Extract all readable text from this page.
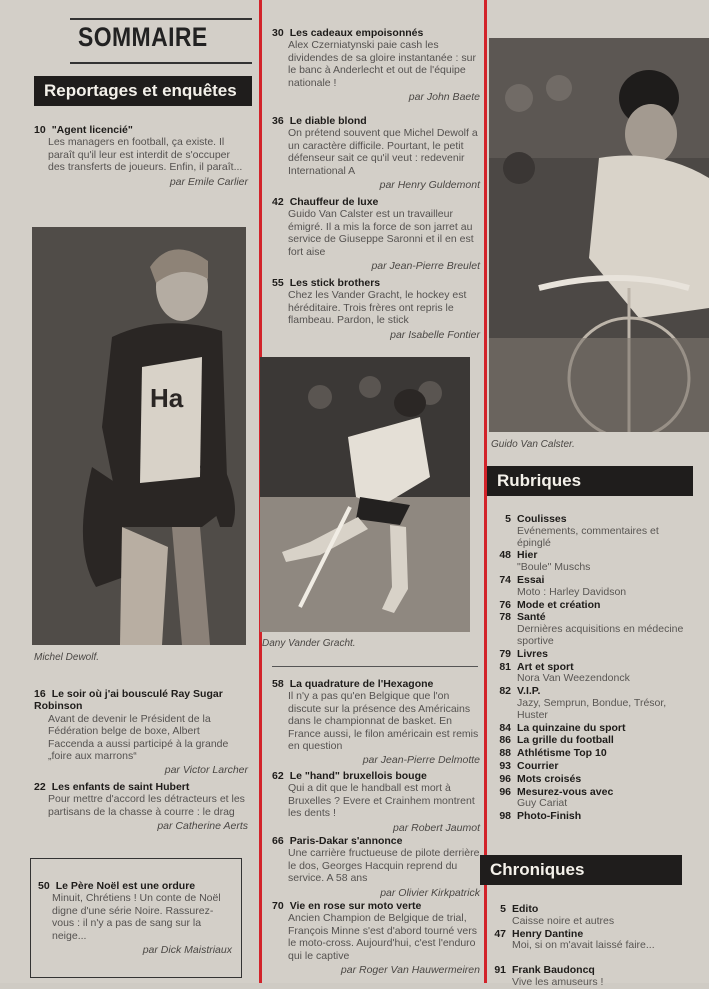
SOMMAIRE
Reportages et enquêtes
10 "Agent licencié"
Les managers en football, ça existe. Il paraît qu'il leur est interdit de s'occuper des transferts de joueurs. Enfin, il paraît...
par Emile Carlier
Ha
Michel Dewolf.
16 Le soir où j'ai bousculé Ray Sugar Robinson
Avant de devenir le Président de la Fédération belge de boxe, Albert Faccenda a aussi participé à la grande „foire aux marrons“
par Victor Larcher
22 Les enfants de saint Hubert
Pour mettre d'accord les détracteurs et les partisans de la chasse à courre : le drag
par Catherine Aerts
50 Le Père Noël est une ordure
Minuit, Chrétiens ! Un conte de Noël digne d'une série Noire. Rassurez-vous : il n'y a pas de sang sur la neige...
par Dick Maistriaux
30 Les cadeaux empoisonnés
Alex Czerniatynski paie cash les dividendes de sa gloire instantanée : sur le banc à Anderlecht et out de l'équipe nationale !
par John Baete
36 Le diable blond
On prétend souvent que Michel Dewolf a un caractère difficile. Pourtant, le petit défenseur sait ce qu'il veut : redevenir International A
par Henry Guldemont
42 Chauffeur de luxe
Guido Van Calster est un travailleur émigré. Il a mis la force de son jarret au service de Giuseppe Saronni et il en est fort aise
par Jean-Pierre Breulet
55 Les stick brothers
Chez les Vander Gracht, le hockey est héréditaire. Trois frères ont repris le flambeau. Pardon, le stick
par Isabelle Fontier
Dany Vander Gracht.
58 La quadrature de l'Hexagone
Il n'y a pas qu'en Belgique que l'on discute sur la présence des Américains dans le championnat de basket. En France aussi, le filon américain est remis en question
par Jean-Pierre Delmotte
62 Le "hand" bruxellois bouge
Qui a dit que le handball est mort à Bruxelles ? Evere et Crainhem montrent les dents !
par Robert Jaumot
66 Paris-Dakar s'annonce
Une carrière fructueuse de pilote derrière le dos, Georges Hacquin reprend du service. A 58 ans
par Olivier Kirkpatrick
70 Vie en rose sur moto verte
Ancien Champion de Belgique de trial, François Minne s'est d'abord tourné vers le moto-cross. Aujourd'hui, c'est l'enduro qui le captive
par Roger Van Hauwermeiren
Guido Van Calster.
Rubriques
5 Coulisses
Evénements, commentaires et épinglé
48 Hier
"Boule" Muschs
74 Essai
Moto : Harley Davidson
76 Mode et création
78 Santé
Dernières acquisitions en médecine sportive
79 Livres
81 Art et sport
Nora Van Weezendonck
82 V.I.P.
Jazy, Semprun, Bondue, Trésor, Huster
84 La quinzaine du sport
86 La grille du football
88 Athlétisme Top 10
93 Courrier
96 Mots croisés
96 Mesurez-vous avec
Guy Cariat
98 Photo-Finish
Chroniques
5 Edito
Caisse noire et autres
47 Henry Dantine
Moi, si on m'avait laissé faire...
91 Frank Baudoncq
Vive les amuseurs !
